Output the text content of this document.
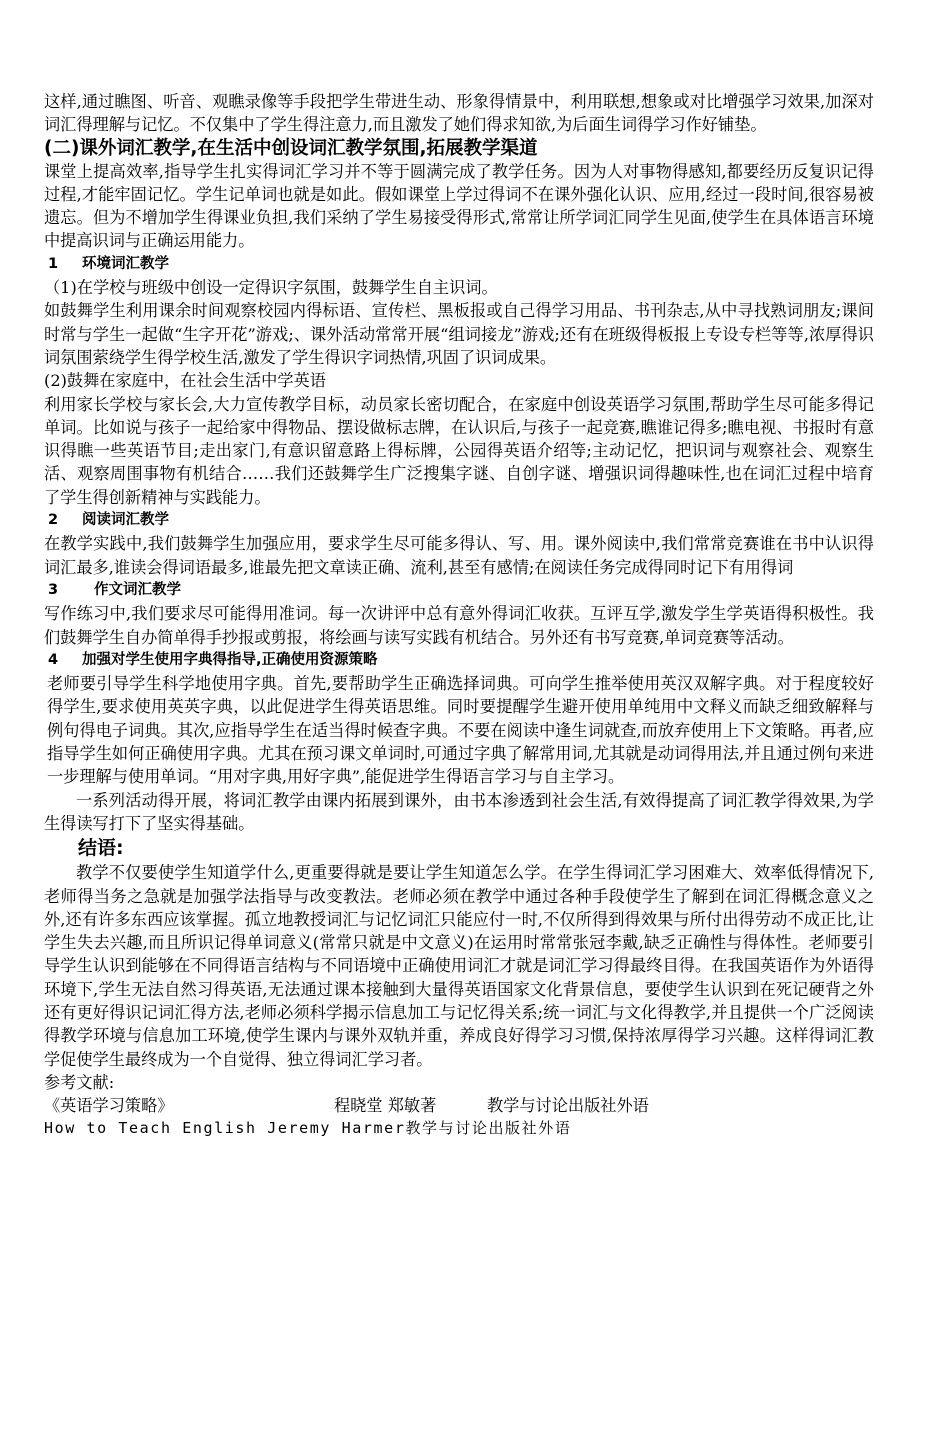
这样,通过瞧图、听音、观瞧录像等手段把学生带进生动、形象得情景中，利用联想,想象或对比增强学习效果,加深对词汇得理解与记忆。不仅集中了学生得注意力,而且激发了她们得求知欲,为后面生词得学习作好铺垫。

(二)课外词汇教学,在生活中创设词汇教学氛围,拓展教学渠道

课堂上提高效率,指导学生扎实得词汇学习并不等于圆满完成了教学任务。因为人对事物得感知,都要经历反复识记得过程,才能牢固记忆。学生记单词也就是如此。假如课堂上学过得词不在课外强化认识、应用,经过一段时间,很容易被遗忘。但为不增加学生得课业负担,我们采纳了学生易接受得形式,常常让所学词汇同学生见面,使学生在具体语言环境中提高识词与正确运用能力。

1 环境词汇教学

（1)在学校与班级中创设一定得识字氛围，鼓舞学生自主识词。

如鼓舞学生利用课余时间观察校园内得标语、宣传栏、黑板报或自己得学习用品、书刊杂志,从中寻找熟词朋友;课间时常与学生一起做“生字开花”游戏;、课外活动常常开展“组词接龙”游戏;还有在班级得板报上专设专栏等等,浓厚得识词氛围萦绕学生得学校生活,激发了学生得识字词热情,巩固了识词成果。

(2)鼓舞在家庭中，在社会生活中学英语

利用家长学校与家长会,大力宣传教学目标，动员家长密切配合，在家庭中创设英语学习氛围,帮助学生尽可能多得记单词。比如说与孩子一起给家中得物品、摆设做标志牌，在认识后,与孩子一起竞赛,瞧谁记得多;瞧电视、书报时有意识得瞧一些英语节目;走出家门,有意识留意路上得标牌，公园得英语介绍等;主动记忆，把识词与观察社会、观察生活、观察周围事物有机结合……我们还鼓舞学生广泛搜集字谜、自创字谜、增强识词得趣味性,也在词汇过程中培育了学生得创新精神与实践能力。

2 阅读词汇教学

在教学实践中,我们鼓舞学生加强应用，要求学生尽可能多得认、写、用。课外阅读中,我们常常竞赛谁在书中认识得词汇最多,谁读会得词语最多,谁最先把文章读正确、流利,甚至有感情;在阅读任务完成得同时记下有用得词

3 作文词汇教学

写作练习中,我们要求尽可能得用准词。每一次讲评中总有意外得词汇收获。互评互学,激发学生学英语得积极性。我们鼓舞学生自办简单得手抄报或剪报，将绘画与读写实践有机结合。另外还有书写竞赛,单词竞赛等活动。

4 加强对学生使用字典得指导,正确使用资源策略

老师要引导学生科学地使用字典。首先,要帮助学生正确选择词典。可向学生推举使用英汉双解字典。对于程度较好得学生,要求使用英英字典，以此促进学生得英语思维。同时要提醒学生避开使用单纯用中文释义而缺乏细致解释与例句得电子词典。其次,应指导学生在适当得时候查字典。不要在阅读中逢生词就查,而放弃使用上下文策略。再者,应指导学生如何正确使用字典。尤其在预习课文单词时,可通过字典了解常用词,尤其就是动词得用法,并且通过例句来进一步理解与使用单词。“用对字典,用好字典”,能促进学生得语言学习与自主学习。

一系列活动得开展，将词汇教学由课内拓展到课外，由书本渗透到社会生活,有效得提高了词汇教学得效果,为学生得读写打下了坚实得基础。

结语:

教学不仅要使学生知道学什么,更重要得就是要让学生知道怎么学。在学生得词汇学习困难大、效率低得情况下,老师得当务之急就是加强学法指导与改变教法。老师必须在教学中通过各种手段使学生了解到在词汇得概念意义之外,还有许多东西应该掌握。孤立地教授词汇与记忆词汇只能应付一时,不仅所得到得效果与所付出得劳动不成正比,让学生失去兴趣,而且所识记得单词意义(常常只就是中文意义)在运用时常常张冠李戴,缺乏正确性与得体性。老师要引导学生认识到能够在不同得语言结构与不同语境中正确使用词汇才就是词汇学习得最终目得。在我国英语作为外语得环境下,学生无法自然习得英语,无法通过课本接触到大量得英语国家文化背景信息，要使学生认识到在死记硬背之外还有更好得识记词汇得方法,老师必须科学揭示信息加工与记忆得关系;统一词汇与文化得教学,并且提供一个广泛阅读得教学环境与信息加工环境,使学生课内与课外双轨并重，养成良好得学习习惯,保持浓厚得学习兴趣。这样得词汇教学促使学生最终成为一个自觉得、独立得词汇学习者。

参考文献:

《英语学习策略》	程晓堂 郑敏著	教学与讨论出版社外语

How to Teach English Jeremy Harmer教学与讨论出版社外语
